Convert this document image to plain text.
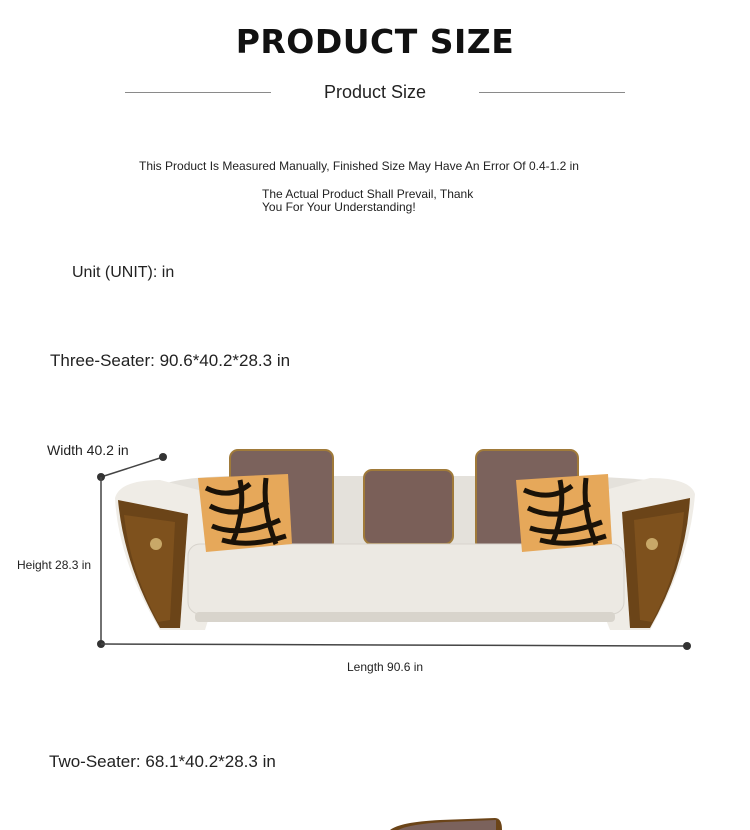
PRODUCT SIZE
Product Size
This Product Is Measured Manually, Finished Size May Have An Error Of 0.4-1.2 in
The Actual Product Shall Prevail, Thank
You For Your Understanding!
Unit (UNIT): in
Three-Seater: 90.6*40.2*28.3 in
Width 40.2 in
Height 28.3 in
Length 90.6 in
Two-Seater: 68.1*40.2*28.3 in
